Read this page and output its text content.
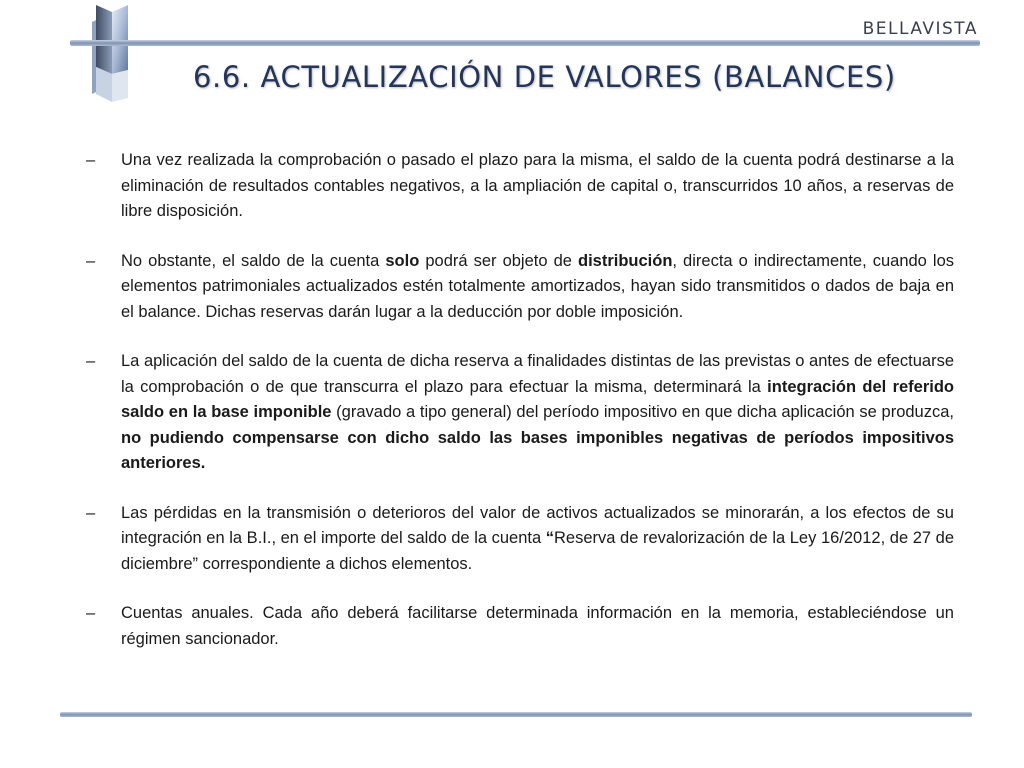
BELLAVISTA
6.6. ACTUALIZACIÓN DE VALORES (BALANCES)
– Una vez realizada la comprobación o pasado el plazo para la misma, el saldo de la cuenta podrá destinarse a la eliminación de resultados contables negativos, a la ampliación de capital o, transcurridos 10 años, a reservas de libre disposición.
– No obstante, el saldo de la cuenta solo podrá ser objeto de distribución, directa o indirectamente, cuando los elementos patrimoniales actualizados estén totalmente amortizados, hayan sido transmitidos o dados de baja en el balance. Dichas reservas darán lugar a la deducción por doble imposición.
– La aplicación del saldo de la cuenta de dicha reserva a finalidades distintas de las previstas o antes de efectuarse la comprobación o de que transcurra el plazo para efectuar la misma, determinará la integración del referido saldo en la base imponible (gravado a tipo general) del período impositivo en que dicha aplicación se produzca, no pudiendo compensarse con dicho saldo las bases imponibles negativas de períodos impositivos anteriores.
– Las pérdidas en la transmisión o deterioros del valor de activos actualizados se minorarán, a los efectos de su integración en la B.I., en el importe del saldo de la cuenta “Reserva de revalorización de la Ley 16/2012, de 27 de diciembre” correspondiente a dichos elementos.
– Cuentas anuales. Cada año deberá facilitarse determinada información en la memoria, estableciéndose un régimen sancionador.
